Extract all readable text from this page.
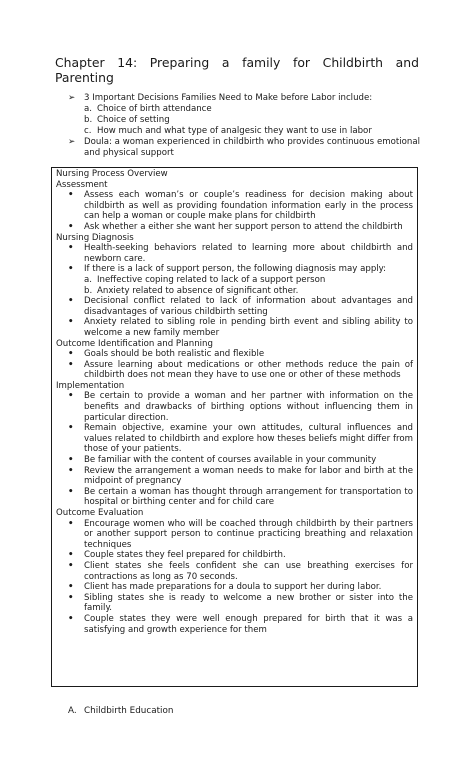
Chapter 14: Preparing a family for Childbirth and Parenting
➢	3 Important Decisions Families Need to Make before Labor include:
a. Choice of birth attendance
b. Choice of setting
c. How much and what type of analgesic they want to use in labor
➢	Doula: a woman experienced in childbirth who provides continuous emotional and physical support
Nursing Process Overview
Assessment
•	Assess each woman’s or couple’s readiness for decision making about childbirth as well as providing foundation information early in the process can help a woman or couple make plans for childbirth
•	Ask whether a either she want her support person to attend the childbirth
Nursing Diagnosis
•	Health-seeking behaviors related to learning more about childbirth and newborn care.
•	If there is a lack of support person, the following diagnosis may apply:
a. Ineffective coping related to lack of a support person
b. Anxiety related to absence of significant other.
•	Decisional conflict related to lack of information about advantages and disadvantages of various childbirth setting
•	Anxiety related to sibling role in pending birth event and sibling ability to welcome a new family member
Outcome Identification and Planning
•	Goals should be both realistic and flexible
•	Assure learning about medications or other methods reduce the pain of childbirth does not mean they have to use one or other of these methods
Implementation
•	Be certain to provide a woman and her partner with information on the benefits and drawbacks of birthing options without influencing them in particular direction.
•	Remain objective, examine your own attitudes, cultural influences and values related to childbirth and explore how theses beliefs might differ from those of your patients.
•	Be familiar with the content of courses available in your community
•	Review the arrangement a woman needs to make for labor and birth at the midpoint of pregnancy
•	Be certain a woman has thought through arrangement for transportation to hospital or birthing center and for child care
Outcome Evaluation
•	Encourage women who will be coached through childbirth by their partners or another support person to continue practicing breathing and relaxation techniques
•	Couple states they feel prepared for childbirth.
•	Client states she feels confident she can use breathing exercises for contractions as long as 70 seconds.
•	Client has made preparations for a doula to support her during labor.
•	Sibling states she is ready to welcome a new brother or sister into the family.
•	Couple states they were well enough prepared for birth that it was a satisfying and growth experience for them
A. Childbirth Education
